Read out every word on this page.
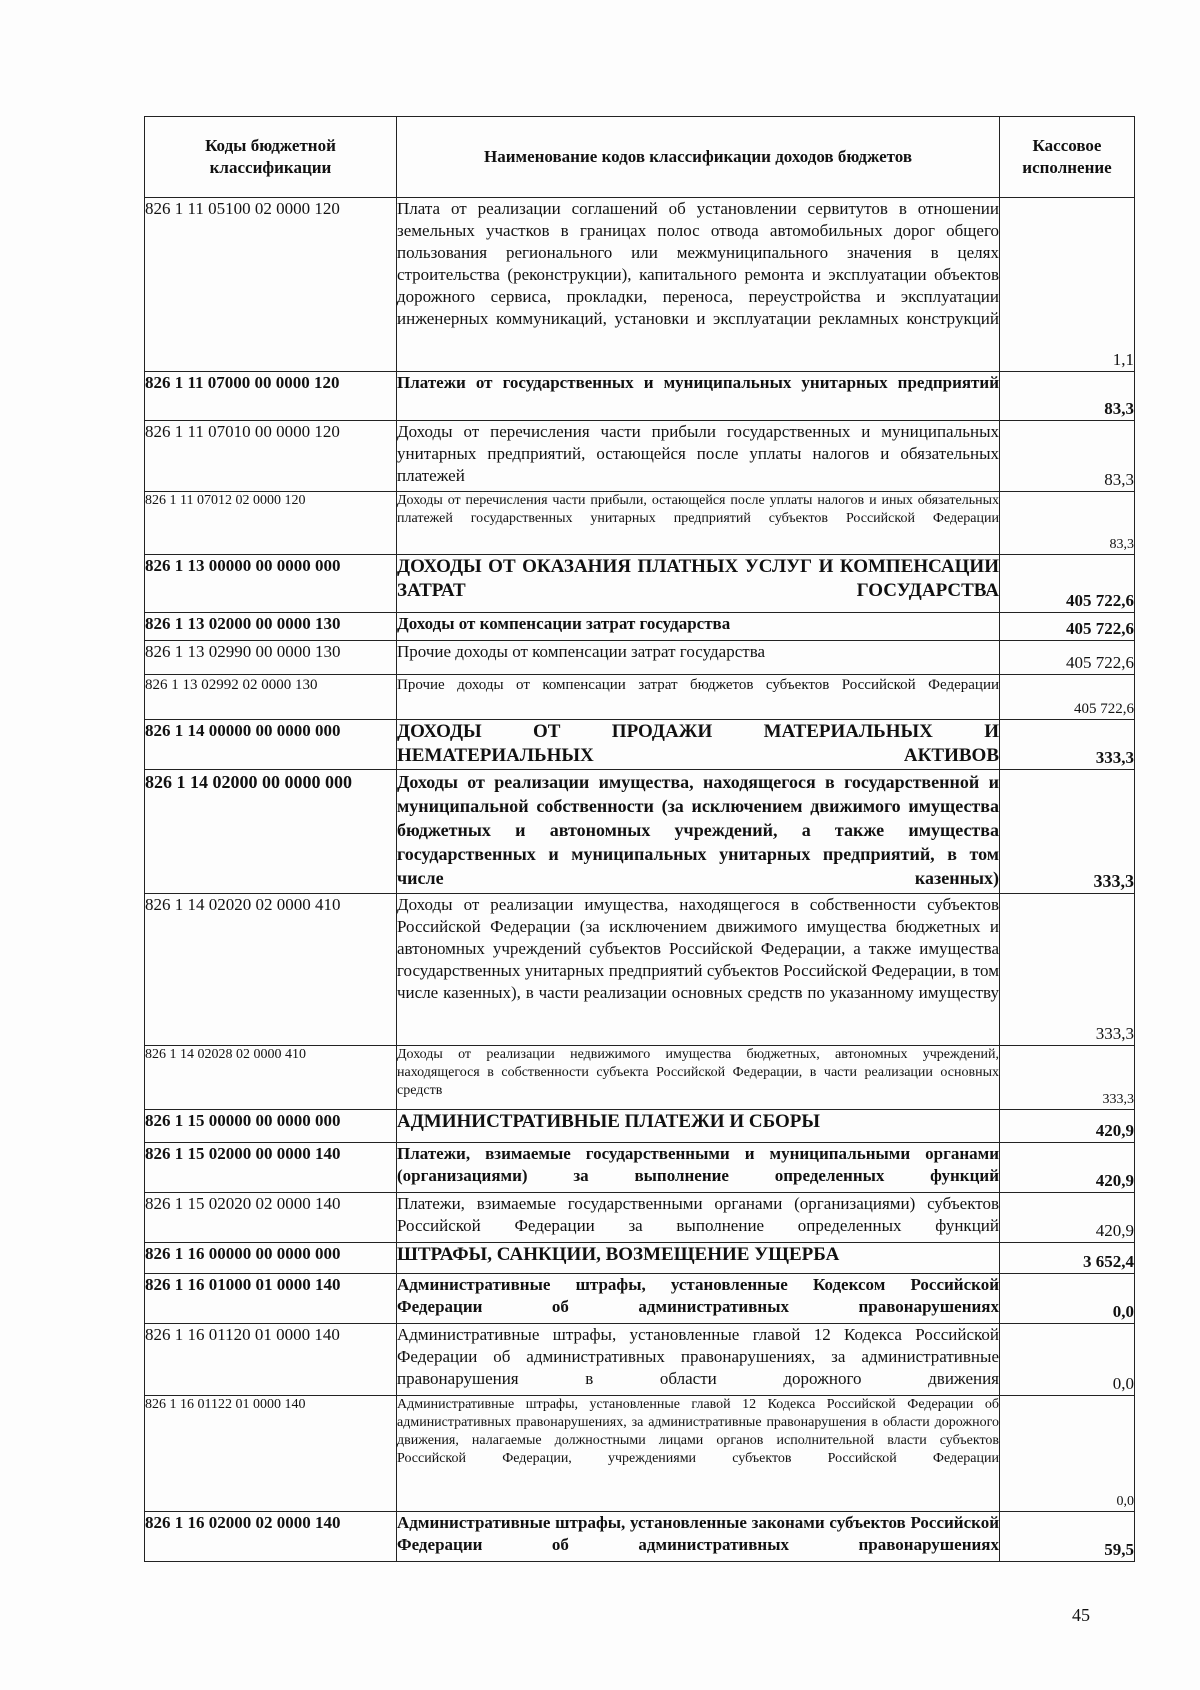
Коды бюджетной классификации	Наименование кодов классификации доходов бюджетов	Кассовое исполнение
826 1 11 05100 02 0000 120	Плата от реализации соглашений об установлении сервитутов в отношении земельных участков в границах полос отвода автомобильных дорог общего пользования регионального или межмуниципального значения в целях строительства (реконструкции), капитального ремонта и эксплуатации объектов дорожного сервиса, прокладки, переноса, переустройства и эксплуатации инженерных коммуникаций, установки и эксплуатации рекламных конструкций	1,1
826 1 11 07000 00 0000 120	Платежи от государственных и муниципальных унитарных предприятий	83,3
826 1 11 07010 00 0000 120	Доходы от перечисления части прибыли государственных и муниципальных унитарных предприятий, остающейся после уплаты налогов и обязательных платежей	83,3
826 1 11 07012 02 0000 120	Доходы от перечисления части прибыли, остающейся после уплаты налогов и иных обязательных платежей государственных унитарных предприятий субъектов Российской Федерации	83,3
826 1 13 00000 00 0000 000	ДОХОДЫ ОТ ОКАЗАНИЯ ПЛАТНЫХ УСЛУГ И КОМПЕНСАЦИИ ЗАТРАТ ГОСУДАРСТВА	405 722,6
826 1 13 02000 00 0000 130	Доходы от компенсации затрат государства	405 722,6
826 1 13 02990 00 0000 130	Прочие доходы от компенсации затрат государства	405 722,6
826 1 13 02992 02 0000 130	Прочие доходы от компенсации затрат бюджетов субъектов Российской Федерации	405 722,6
826 1 14 00000 00 0000 000	ДОХОДЫ ОТ ПРОДАЖИ МАТЕРИАЛЬНЫХ И НЕМАТЕРИАЛЬНЫХ АКТИВОВ	333,3
826 1 14 02000 00 0000 000	Доходы от реализации имущества, находящегося в государственной и муниципальной собственности (за исключением движимого имущества бюджетных и автономных учреждений, а также имущества государственных и муниципальных унитарных предприятий, в том числе казенных)	333,3
826 1 14 02020 02 0000 410	Доходы от реализации имущества, находящегося в собственности субъектов Российской Федерации (за исключением движимого имущества бюджетных и автономных учреждений субъектов Российской Федерации, а также имущества государственных унитарных предприятий субъектов Российской Федерации, в том числе казенных), в части реализации основных средств по указанному имуществу	333,3
826 1 14 02028 02 0000 410	Доходы от реализации недвижимого имущества бюджетных, автономных учреждений, находящегося в собственности субъекта Российской Федерации, в части реализации основных средств	333,3
826 1 15 00000 00 0000 000	АДМИНИСТРАТИВНЫЕ ПЛАТЕЖИ И СБОРЫ	420,9
826 1 15 02000 00 0000 140	Платежи, взимаемые государственными и муниципальными органами (организациями) за выполнение определенных функций	420,9
826 1 15 02020 02 0000 140	Платежи, взимаемые государственными органами (организациями) субъектов Российской Федерации за выполнение определенных функций	420,9
826 1 16 00000 00 0000 000	ШТРАФЫ, САНКЦИИ, ВОЗМЕЩЕНИЕ УЩЕРБА	3 652,4
826 1 16 01000 01 0000 140	Административные штрафы, установленные Кодексом Российской Федерации об административных правонарушениях	0,0
826 1 16 01120 01 0000 140	Административные штрафы, установленные главой 12 Кодекса Российской Федерации об административных правонарушениях, за административные правонарушения в области дорожного движения	0,0
826 1 16 01122 01 0000 140	Административные штрафы, установленные главой 12 Кодекса Российской Федерации об административных правонарушениях, за административные правонарушения в области дорожного движения, налагаемые должностными лицами органов исполнительной власти субъектов Российской Федерации, учреждениями субъектов Российской Федерации	0,0
826 1 16 02000 02 0000 140	Административные штрафы, установленные законами субъектов Российской Федерации об административных правонарушениях	59,5
45
